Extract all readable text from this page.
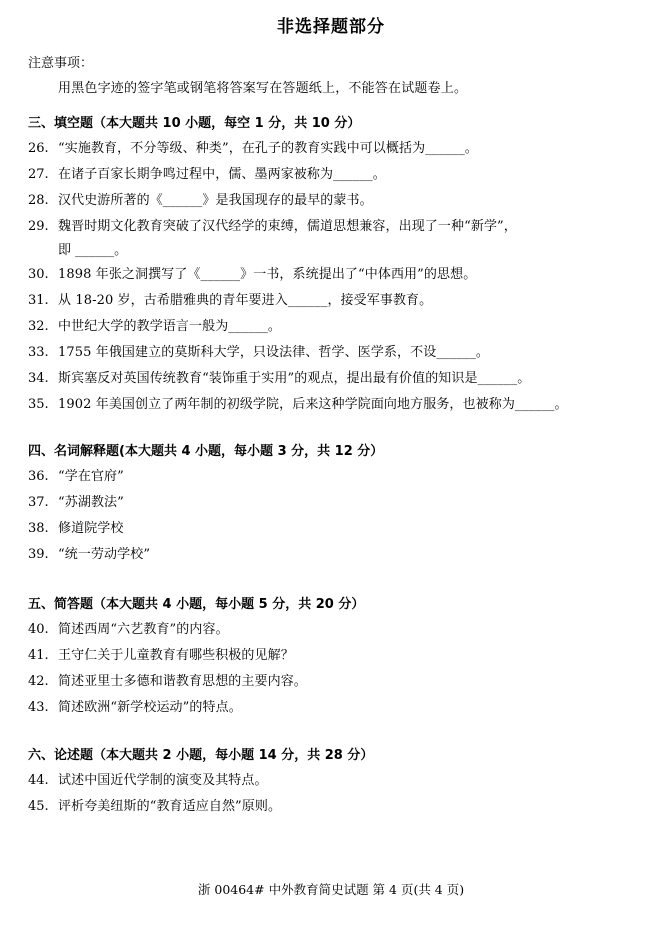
非选择题部分
注意事项：
用黑色字迹的签字笔或钢笔将答案写在答题纸上，不能答在试题卷上。
三、填空题（本大题共 10 小题，每空 1 分，共 10 分）
26. “实施教育，不分等级、种类”，在孔子的教育实践中可以概括为______。
27. 在诸子百家长期争鸣过程中，儒、墨两家被称为______。
28. 汉代史游所著的《______》是我国现存的最早的蒙书。
29. 魏晋时期文化教育突破了汉代经学的束缚，儒道思想兼容，出现了一种“新学”，
即 ______。
30. 1898 年张之洞撰写了《______》一书，系统提出了“中体西用”的思想。
31. 从 18-20 岁，古希腊雅典的青年要进入______，接受军事教育。
32. 中世纪大学的教学语言一般为______。
33. 1755 年俄国建立的莫斯科大学，只设法律、哲学、医学系，不设______。
34. 斯宾塞反对英国传统教育“装饰重于实用”的观点，提出最有价值的知识是______。
35. 1902 年美国创立了两年制的初级学院，后来这种学院面向地方服务，也被称为______。
四、名词解释题(本大题共 4 小题，每小题 3 分，共 12 分）
36. “学在官府”
37. “苏湖教法”
38. 修道院学校
39. “统一劳动学校”
五、简答题（本大题共 4 小题，每小题 5 分，共 20 分）
40. 简述西周“六艺教育”的内容。
41. 王守仁关于儿童教育有哪些积极的见解？
42. 简述亚里士多德和谐教育思想的主要内容。
43. 简述欧洲“新学校运动”的特点。
六、论述题（本大题共 2 小题，每小题 14 分，共 28 分）
44. 试述中国近代学制的演变及其特点。
45. 评析夸美纽斯的“教育适应自然”原则。
浙 00464# 中外教育简史试题 第 4 页(共 4 页)
